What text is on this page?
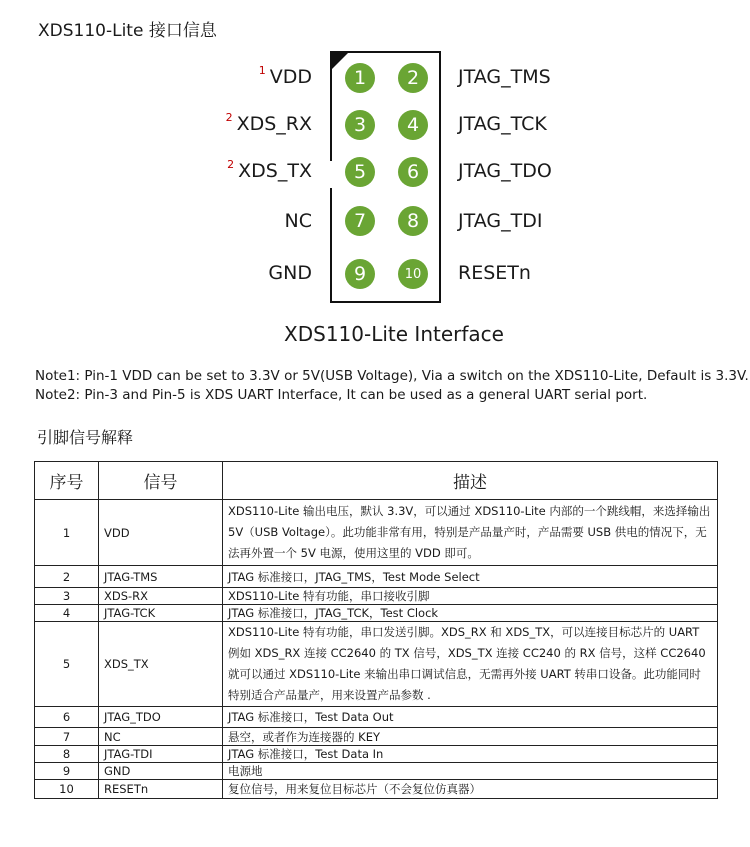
XDS110-Lite 接口信息
1	2
3	4
5	6
7	8
9	10
$^1$ VDD
$^2$ XDS_RX
$^2$ XDS_TX
NC
GND
JTAG_TMS
JTAG_TCK
JTAG_TDO
JTAG_TDI
RESETn
XDS110-Lite Interface
Note1: Pin-1 VDD can be set to 3.3V or 5V(USB Voltage), Via a switch on the XDS110-Lite, Default is 3.3V.
Note2: Pin-3 and Pin-5 is XDS UART Interface, It can be used as a general UART serial port.
引脚信号解释
序号	信号	描述
1	VDD	XDS110-Lite 输出电压，默认 3.3V，可以通过 XDS110-Lite 内部的一个跳线帽，来选择输出 5V（USB Voltage）。此功能非常有用，特别是产品量产时，产品需要 USB 供电的情况下，无法再外置一个 5V 电源，使用这里的 VDD 即可。
2	JTAG-TMS	JTAG 标准接口，JTAG_TMS，Test Mode Select
3	XDS-RX	XDS110-Lite 特有功能，串口接收引脚
4	JTAG-TCK	JTAG 标准接口，JTAG_TCK，Test Clock
5	XDS_TX	XDS110-Lite 特有功能，串口发送引脚。XDS_RX 和 XDS_TX，可以连接目标芯片的 UART 例如 XDS_RX 连接 CC2640 的 TX 信号，XDS_TX 连接 CC240 的 RX 信号，这样 CC2640 就可以通过 XDS110-Lite 来输出串口调试信息，无需再外接 UART 转串口设备。此功能同时特别适合产品量产，用来设置产品参数 .
6	JTAG_TDO	JTAG 标准接口，Test Data Out
7	NC	悬空，或者作为连接器的 KEY
8	JTAG-TDI	JTAG 标准接口，Test Data In
9	GND	电源地
10	RESETn	复位信号，用来复位目标芯片（不会复位仿真器）
